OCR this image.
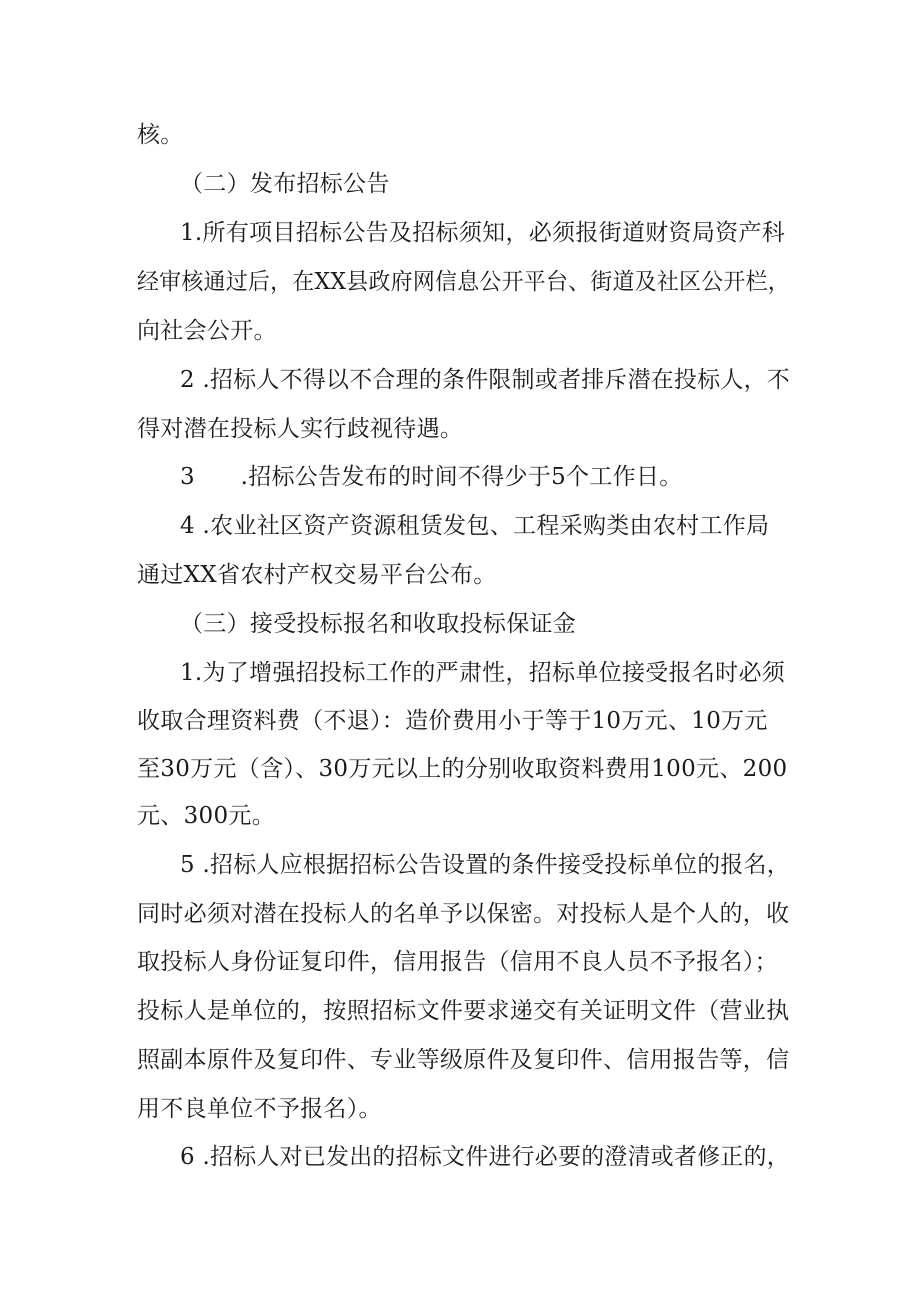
核。
（二）发布招标公告
1.所有项目招标公告及招标须知，必须报街道财资局资产科
经审核通过后，在XX县政府网信息公开平台、街道及社区公开栏，
向社会公开。
2 .招标人不得以不合理的条件限制或者排斥潜在投标人，不
得对潜在投标人实行歧视待遇。
3      .招标公告发布的时间不得少于5个工作日。
4 .农业社区资产资源租赁发包、工程采购类由农村工作局
通过XX省农村产权交易平台公布。
（三）接受投标报名和收取投标保证金
1.为了增强招投标工作的严肃性，招标单位接受报名时必须
收取合理资料费（不退）：造价费用小于等于10万元、10万元
至30万元（含）、30万元以上的分别收取资料费用100元、200
元、300元。
5 .招标人应根据招标公告设置的条件接受投标单位的报名，
同时必须对潜在投标人的名单予以保密。对投标人是个人的，收
取投标人身份证复印件，信用报告（信用不良人员不予报名）；
投标人是单位的，按照招标文件要求递交有关证明文件（营业执
照副本原件及复印件、专业等级原件及复印件、信用报告等，信
用不良单位不予报名）。
6 .招标人对已发出的招标文件进行必要的澄清或者修正的，
